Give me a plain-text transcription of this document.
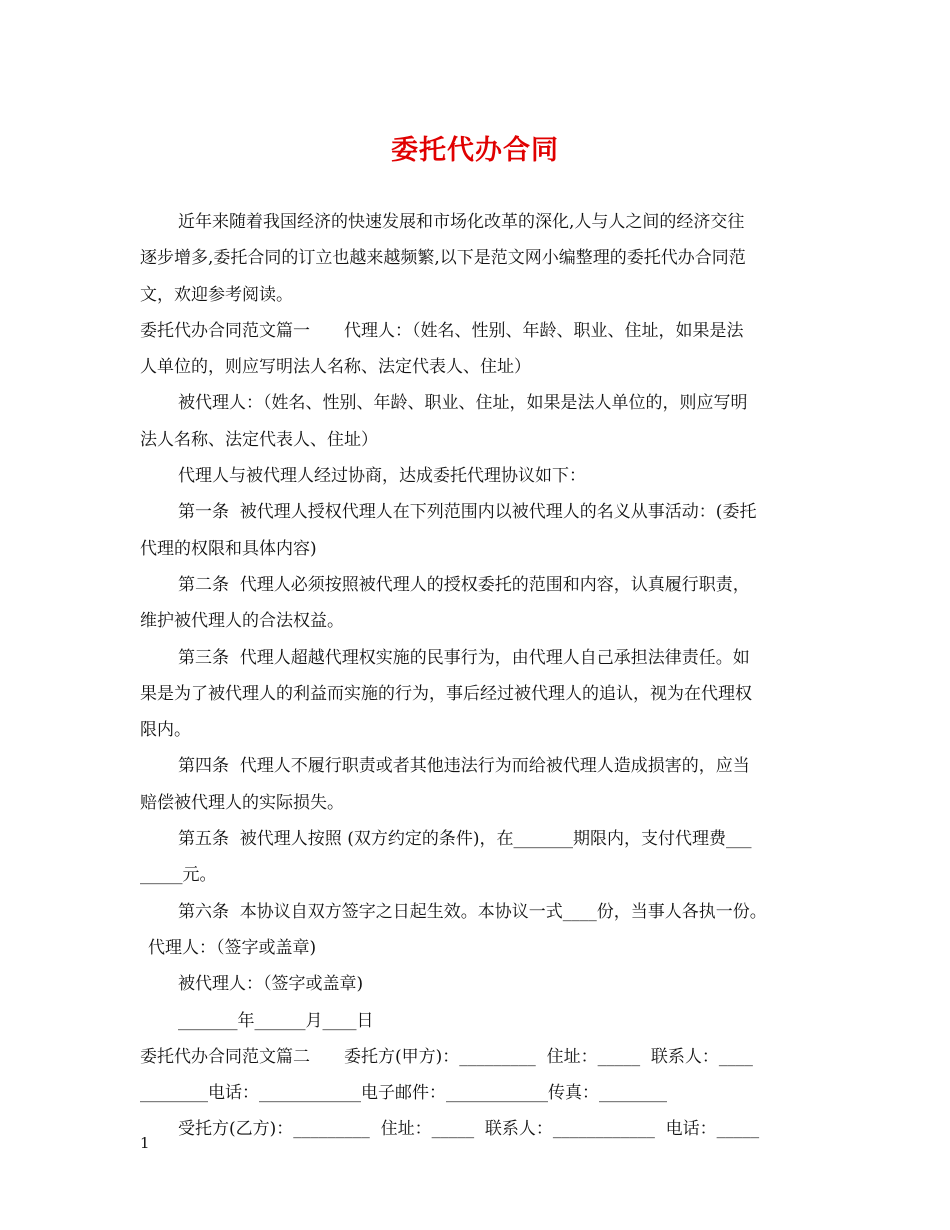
委托代办合同

近年来随着我国经济的快速发展和市场化改革的深化,人与人之间的经济交往

逐步增多,委托合同的订立也越来越频繁,以下是范文网小编整理的委托代办合同范

文，欢迎参考阅读。

委托代办合同范文篇一　　代理人：（姓名、性别、年龄、职业、住址，如果是法

人单位的，则应写明法人名称、法定代表人、住址）

被代理人：（姓名、性别、年龄、职业、住址，如果是法人单位的，则应写明

法人名称、法定代表人、住址）

代理人与被代理人经过协商，达成委托代理协议如下：

第一条  被代理人授权代理人在下列范围内以被代理人的名义从事活动：(委托

代理的权限和具体内容)

第二条  代理人必须按照被代理人的授权委托的范围和内容，认真履行职责，

维护被代理人的合法权益。

第三条  代理人超越代理权实施的民事行为，由代理人自己承担法律责任。如

果是为了被代理人的利益而实施的行为，事后经过被代理人的追认，视为在代理权

限内。

第四条  代理人不履行职责或者其他违法行为而给被代理人造成损害的，应当

赔偿被代理人的实际损失。

第五条  被代理人按照 (双方约定的条件)，在_______期限内，支付代理费___

_____元。

第六条  本协议自双方签字之日起生效。本协议一式____份，当事人各执一份。

代理人：（签字或盖章)

被代理人：（签字或盖章)

_______年______月____日

委托代办合同范文篇二　　委托方(甲方)：_________  住址：_____  联系人：____

________电话：____________电子邮件：____________传真：________

受托方(乙方)：_________  住址：_____  联系人：____________  电话：_____

1
